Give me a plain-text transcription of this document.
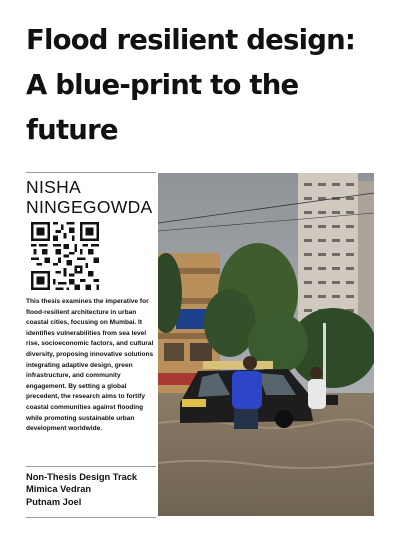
Flood resilient design:
A blue-print to the
future
NISHA
NINGEGOWDA

This thesis examines the imperative for flood-resilient architecture in urban coastal cities, focusing on Mumbai. It identifies vulnerabilities from sea level rise, socioeconomic factors, and cultural diversity, proposing innovative solutions integrating adaptive design, green infrastructure, and community engagement. By setting a global precedent, the research aims to fortify coastal communities against flooding while promoting sustainable urban development worldwide.

Non-Thesis Design Track
Mimica Vedran
Putnam Joel
